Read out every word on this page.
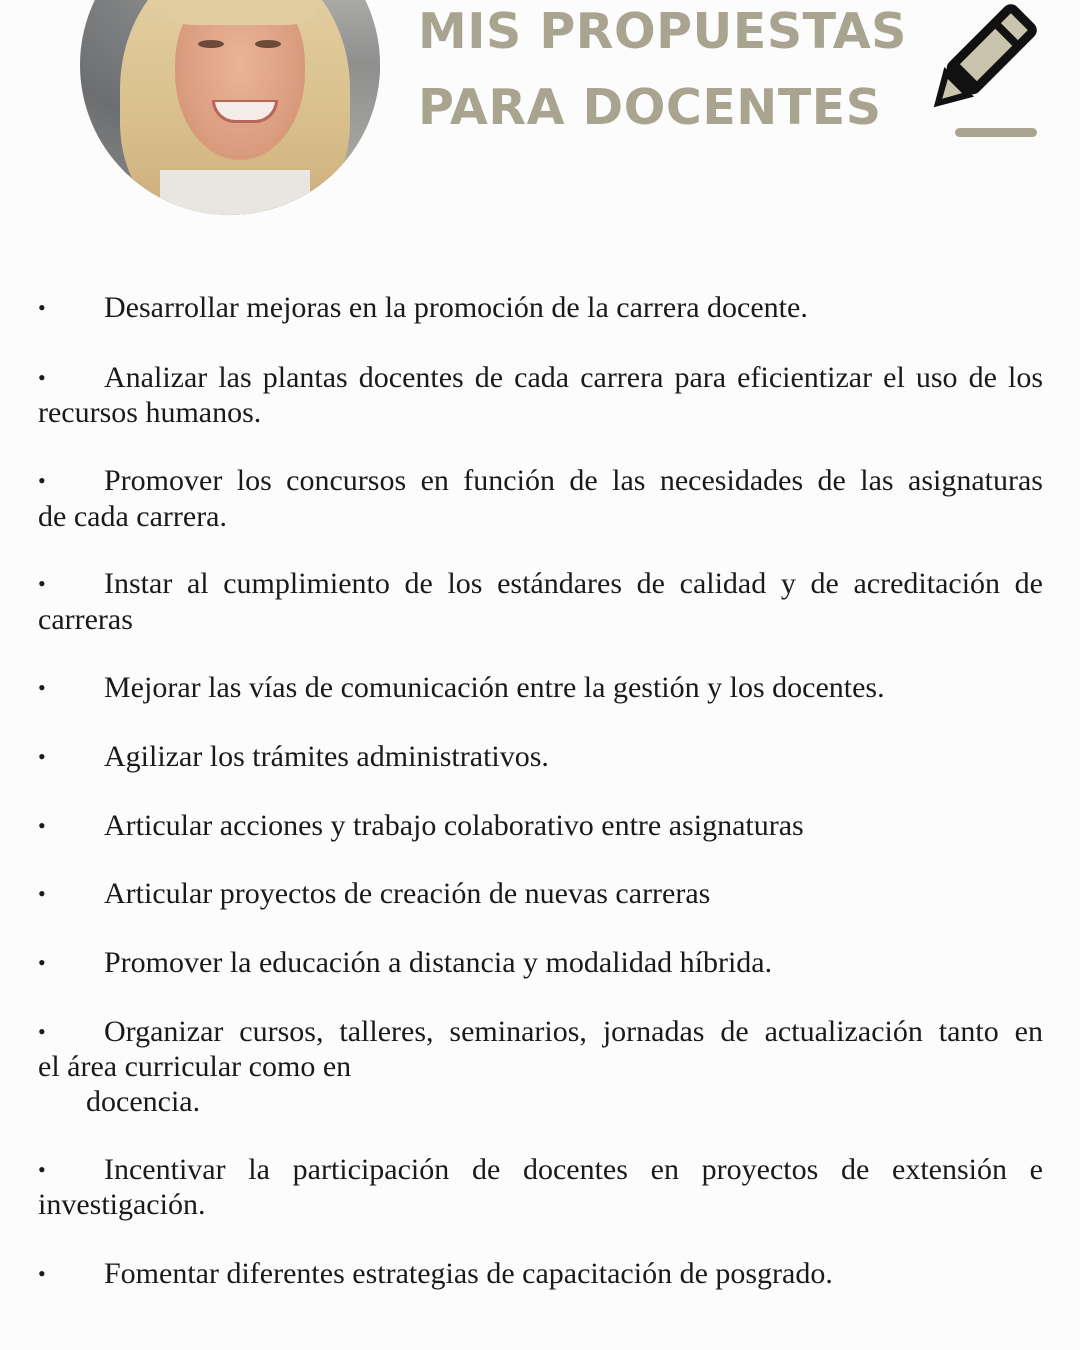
MIS PROPUESTAS
PARA DOCENTES
• Desarrollar mejoras en la promoción de la carrera docente.
• Analizar las plantas docentes de cada carrera para eficientizar el uso de los
recursos humanos.
• Promover los concursos en función de las necesidades de las asignaturas
de cada carrera.
• Instar al cumplimiento de los estándares de calidad y de acreditación de
carreras
• Mejorar las vías de comunicación entre la gestión y los docentes.
• Agilizar los trámites administrativos.
• Articular acciones y trabajo colaborativo entre asignaturas
• Articular proyectos de creación de nuevas carreras
• Promover la educación a distancia y modalidad híbrida.
• Organizar cursos, talleres, seminarios, jornadas de actualización tanto en
el área curricular como en
docencia.
• Incentivar la participación de docentes en proyectos de extensión e
investigación.
• Fomentar diferentes estrategias de capacitación de posgrado.
